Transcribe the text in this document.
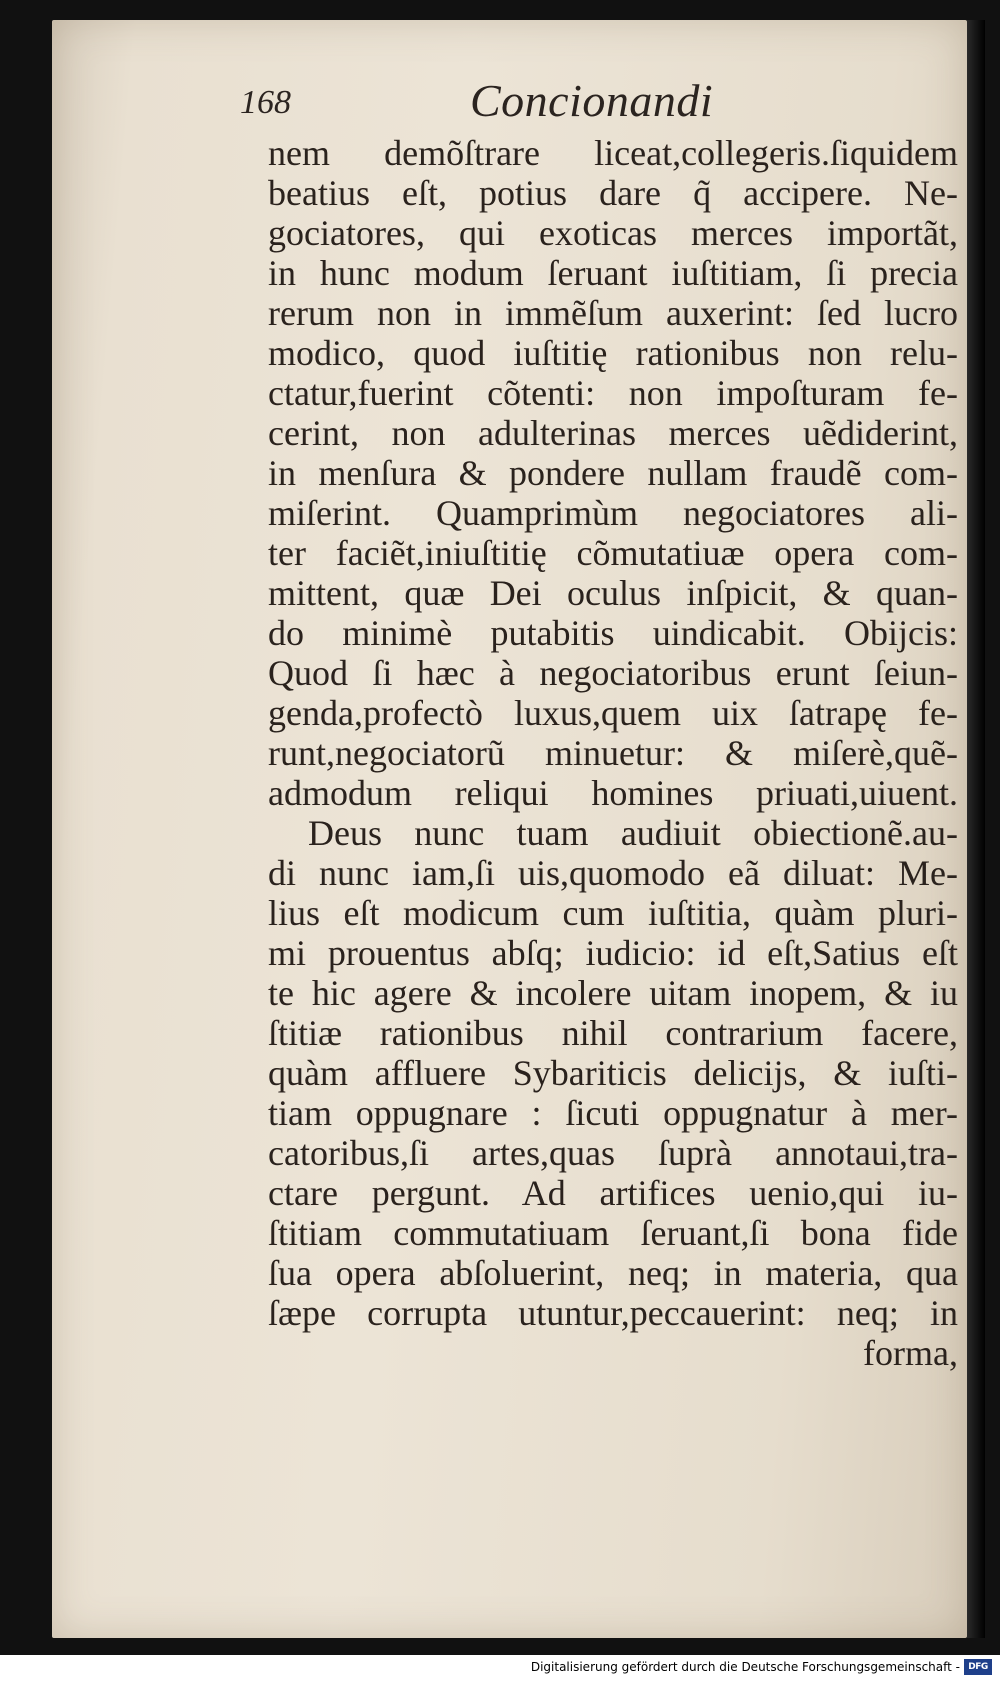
168	Concionandi
nem demõſtrare liceat,collegeris.ſiquidem
beatius eſt, potius dare q̃ accipere. Ne-
gociatores, qui exoticas merces importãt,
in hunc modum ſeruant iuſtitiam, ſi precia
rerum non in immẽſum auxerint: ſed lucro
modico, quod iuſtitię rationibus non relu-
ctatur,fuerint cõtenti: non impoſturam fe-
cerint, non adulterinas merces uẽdiderint,
in menſura & pondere nullam fraudẽ com-
miſerint. Quamprimùm negociatores ali-
ter faciẽt,iniuſtitię cõmutatiuæ opera com-
mittent, quæ Dei oculus inſpicit, & quan-
do minimè putabitis uindicabit. Obijcis:
Quod ſi hæc à negociatoribus erunt ſeiun-
genda,profectò luxus,quem uix ſatrapę fe-
runt,negociatorũ minuetur: & miſerè,quẽ-
admodum reliqui homines priuati,uiuent.
Deus nunc tuam audiuit obiectionẽ.au-
di nunc iam,ſi uis,quomodo eã diluat: Me-
lius eſt modicum cum iuſtitia, quàm pluri-
mi prouentus abſq; iudicio: id eſt,Satius eſt
te hic agere & incolere uitam inopem, & iu
ſtitiæ rationibus nihil contrarium facere,
quàm affluere Sybariticis delicijs, & iuſti-
tiam oppugnare : ſicuti oppugnatur à mer-
catoribus,ſi artes,quas ſuprà annotaui,tra-
ctare pergunt. Ad artifices uenio,qui iu-
ſtitiam commutatiuam ſeruant,ſi bona fide
ſua opera abſoluerint, neq; in materia, qua
ſæpe corrupta utuntur,peccauerint: neq; in
forma,
Digitalisierung gefördert durch die Deutsche Forschungsgemeinschaft - DFG
